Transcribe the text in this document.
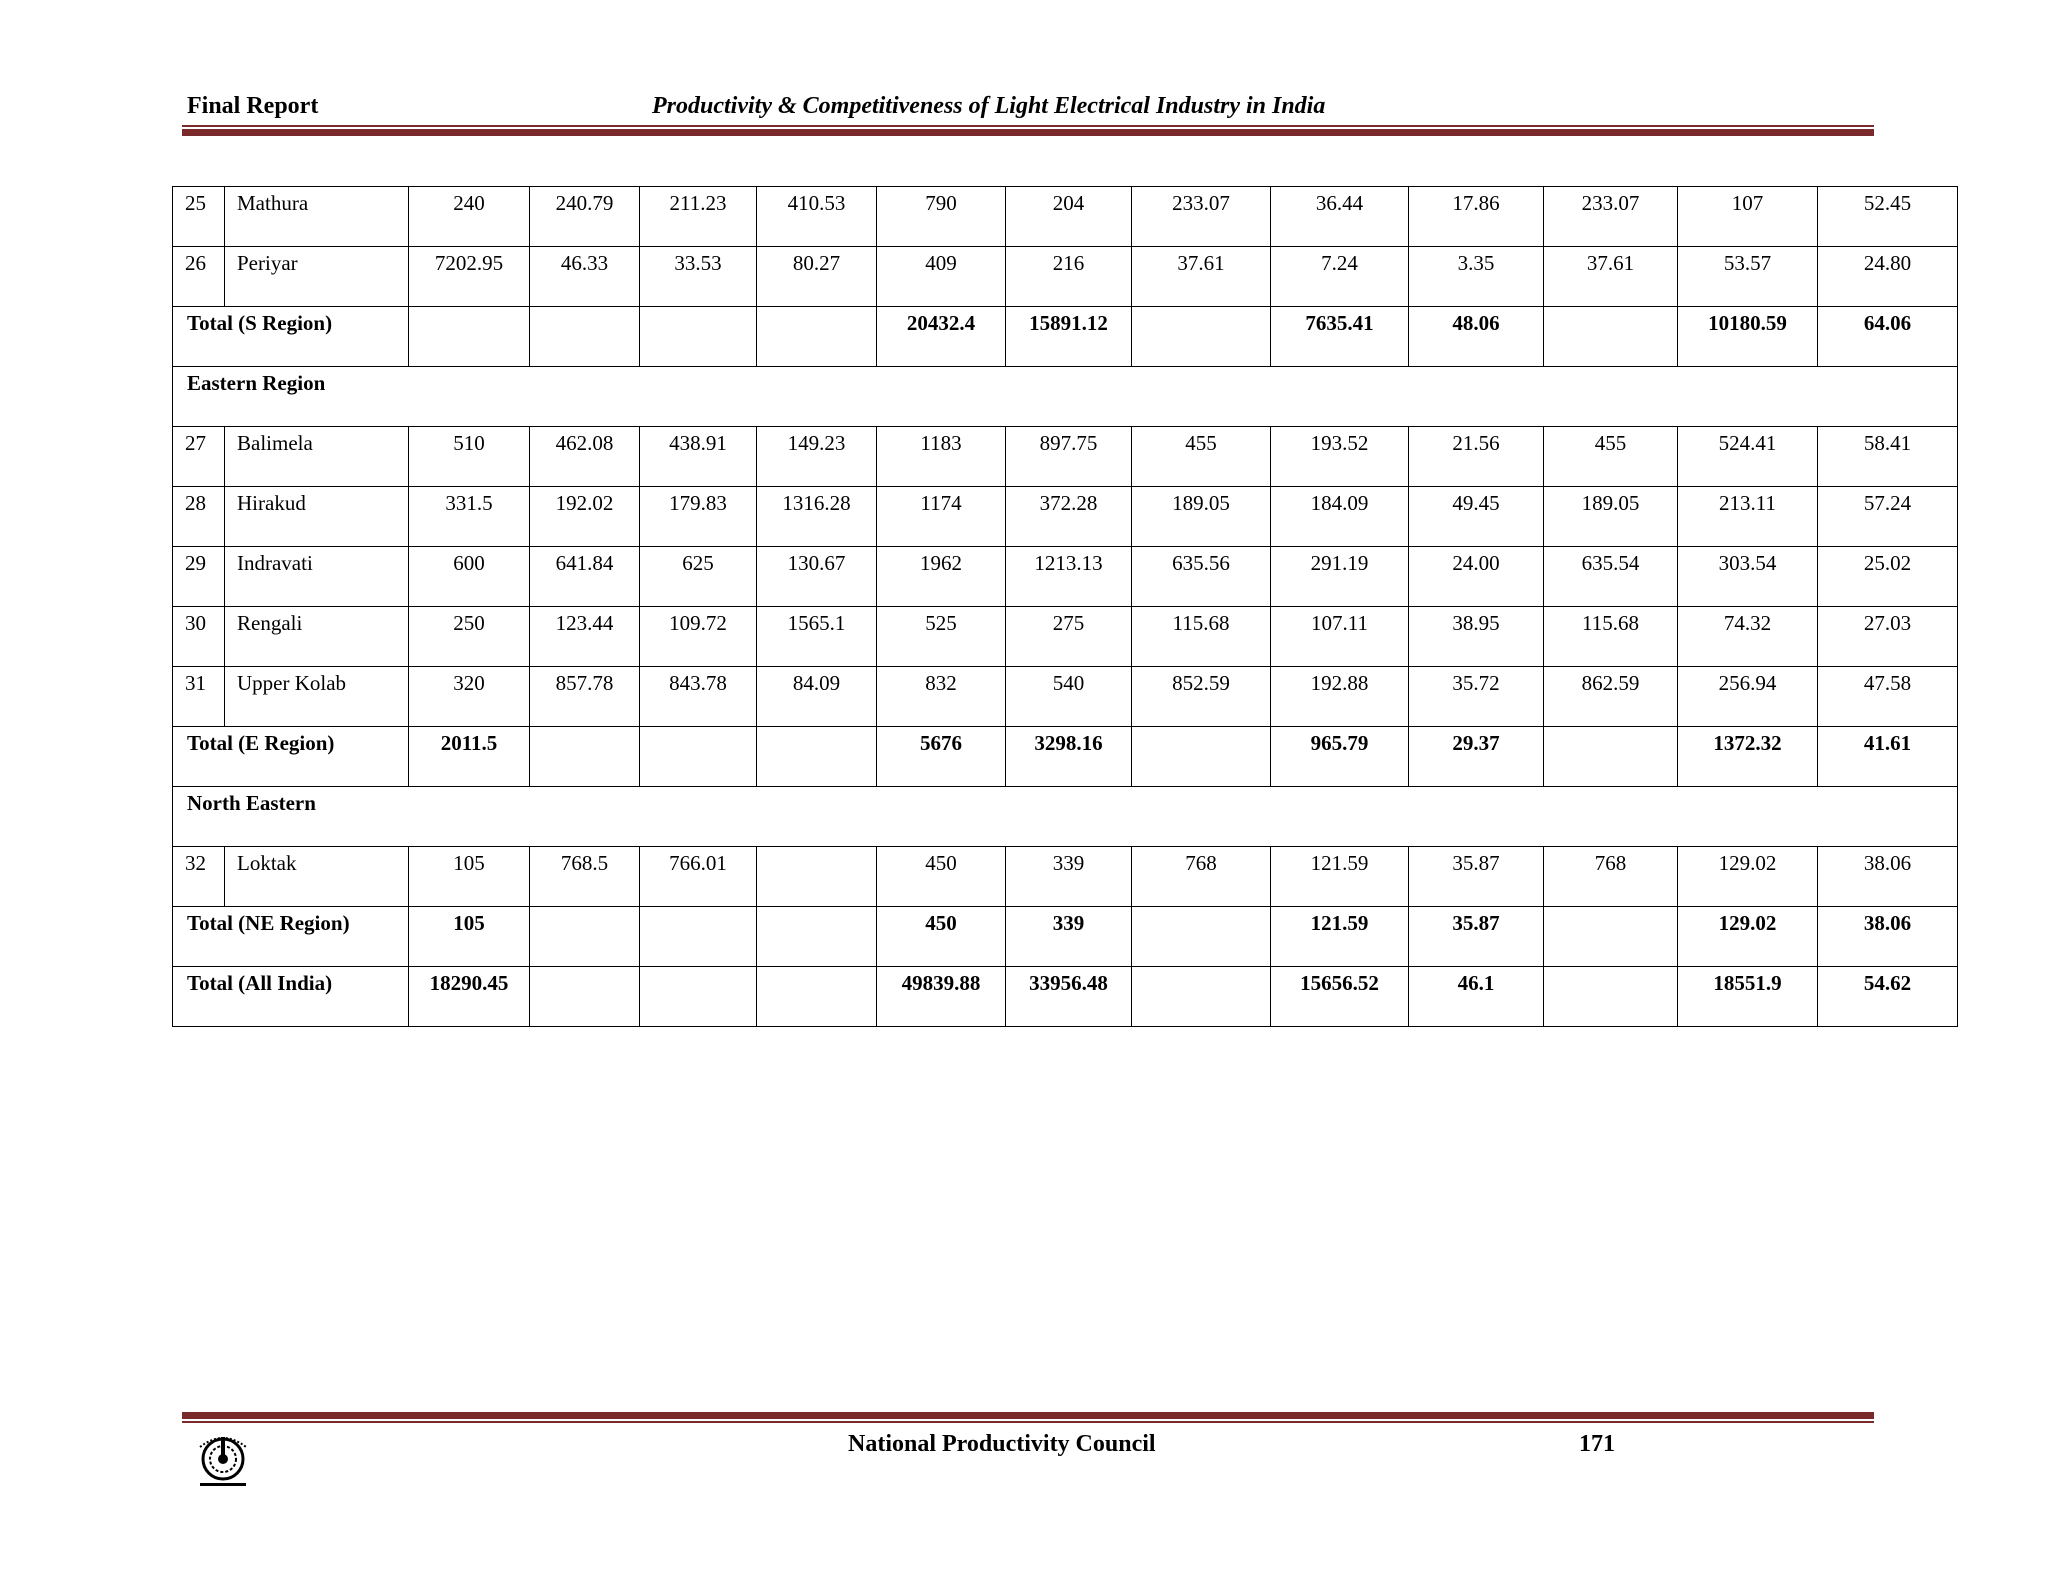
Final Report	Productivity & Competitiveness of Light Electrical Industry in India
25	Mathura	240	240.79	211.23	410.53	790	204	233.07	36.44	17.86	233.07	107	52.45
26	Periyar	7202.95	46.33	33.53	80.27	409	216	37.61	7.24	3.35	37.61	53.57	24.80
Total (S Region)						20432.4	15891.12		7635.41	48.06		10180.59	64.06
Eastern Region													
27	Balimela	510	462.08	438.91	149.23	1183	897.75	455	193.52	21.56	455	524.41	58.41
28	Hirakud	331.5	192.02	179.83	1316.28	1174	372.28	189.05	184.09	49.45	189.05	213.11	57.24
29	Indravati	600	641.84	625	130.67	1962	1213.13	635.56	291.19	24.00	635.54	303.54	25.02
30	Rengali	250	123.44	109.72	1565.1	525	275	115.68	107.11	38.95	115.68	74.32	27.03
31	Upper Kolab	320	857.78	843.78	84.09	832	540	852.59	192.88	35.72	862.59	256.94	47.58
Total (E Region)		2011.5				5676	3298.16		965.79	29.37		1372.32	41.61
North Eastern													
32	Loktak	105	768.5	766.01		450	339	768	121.59	35.87	768	129.02	38.06
Total (NE Region)		105				450	339		121.59	35.87		129.02	38.06
Total (All India)		18290.45				49839.88	33956.48		15656.52	46.1		18551.9	54.62
National Productivity Council	171
